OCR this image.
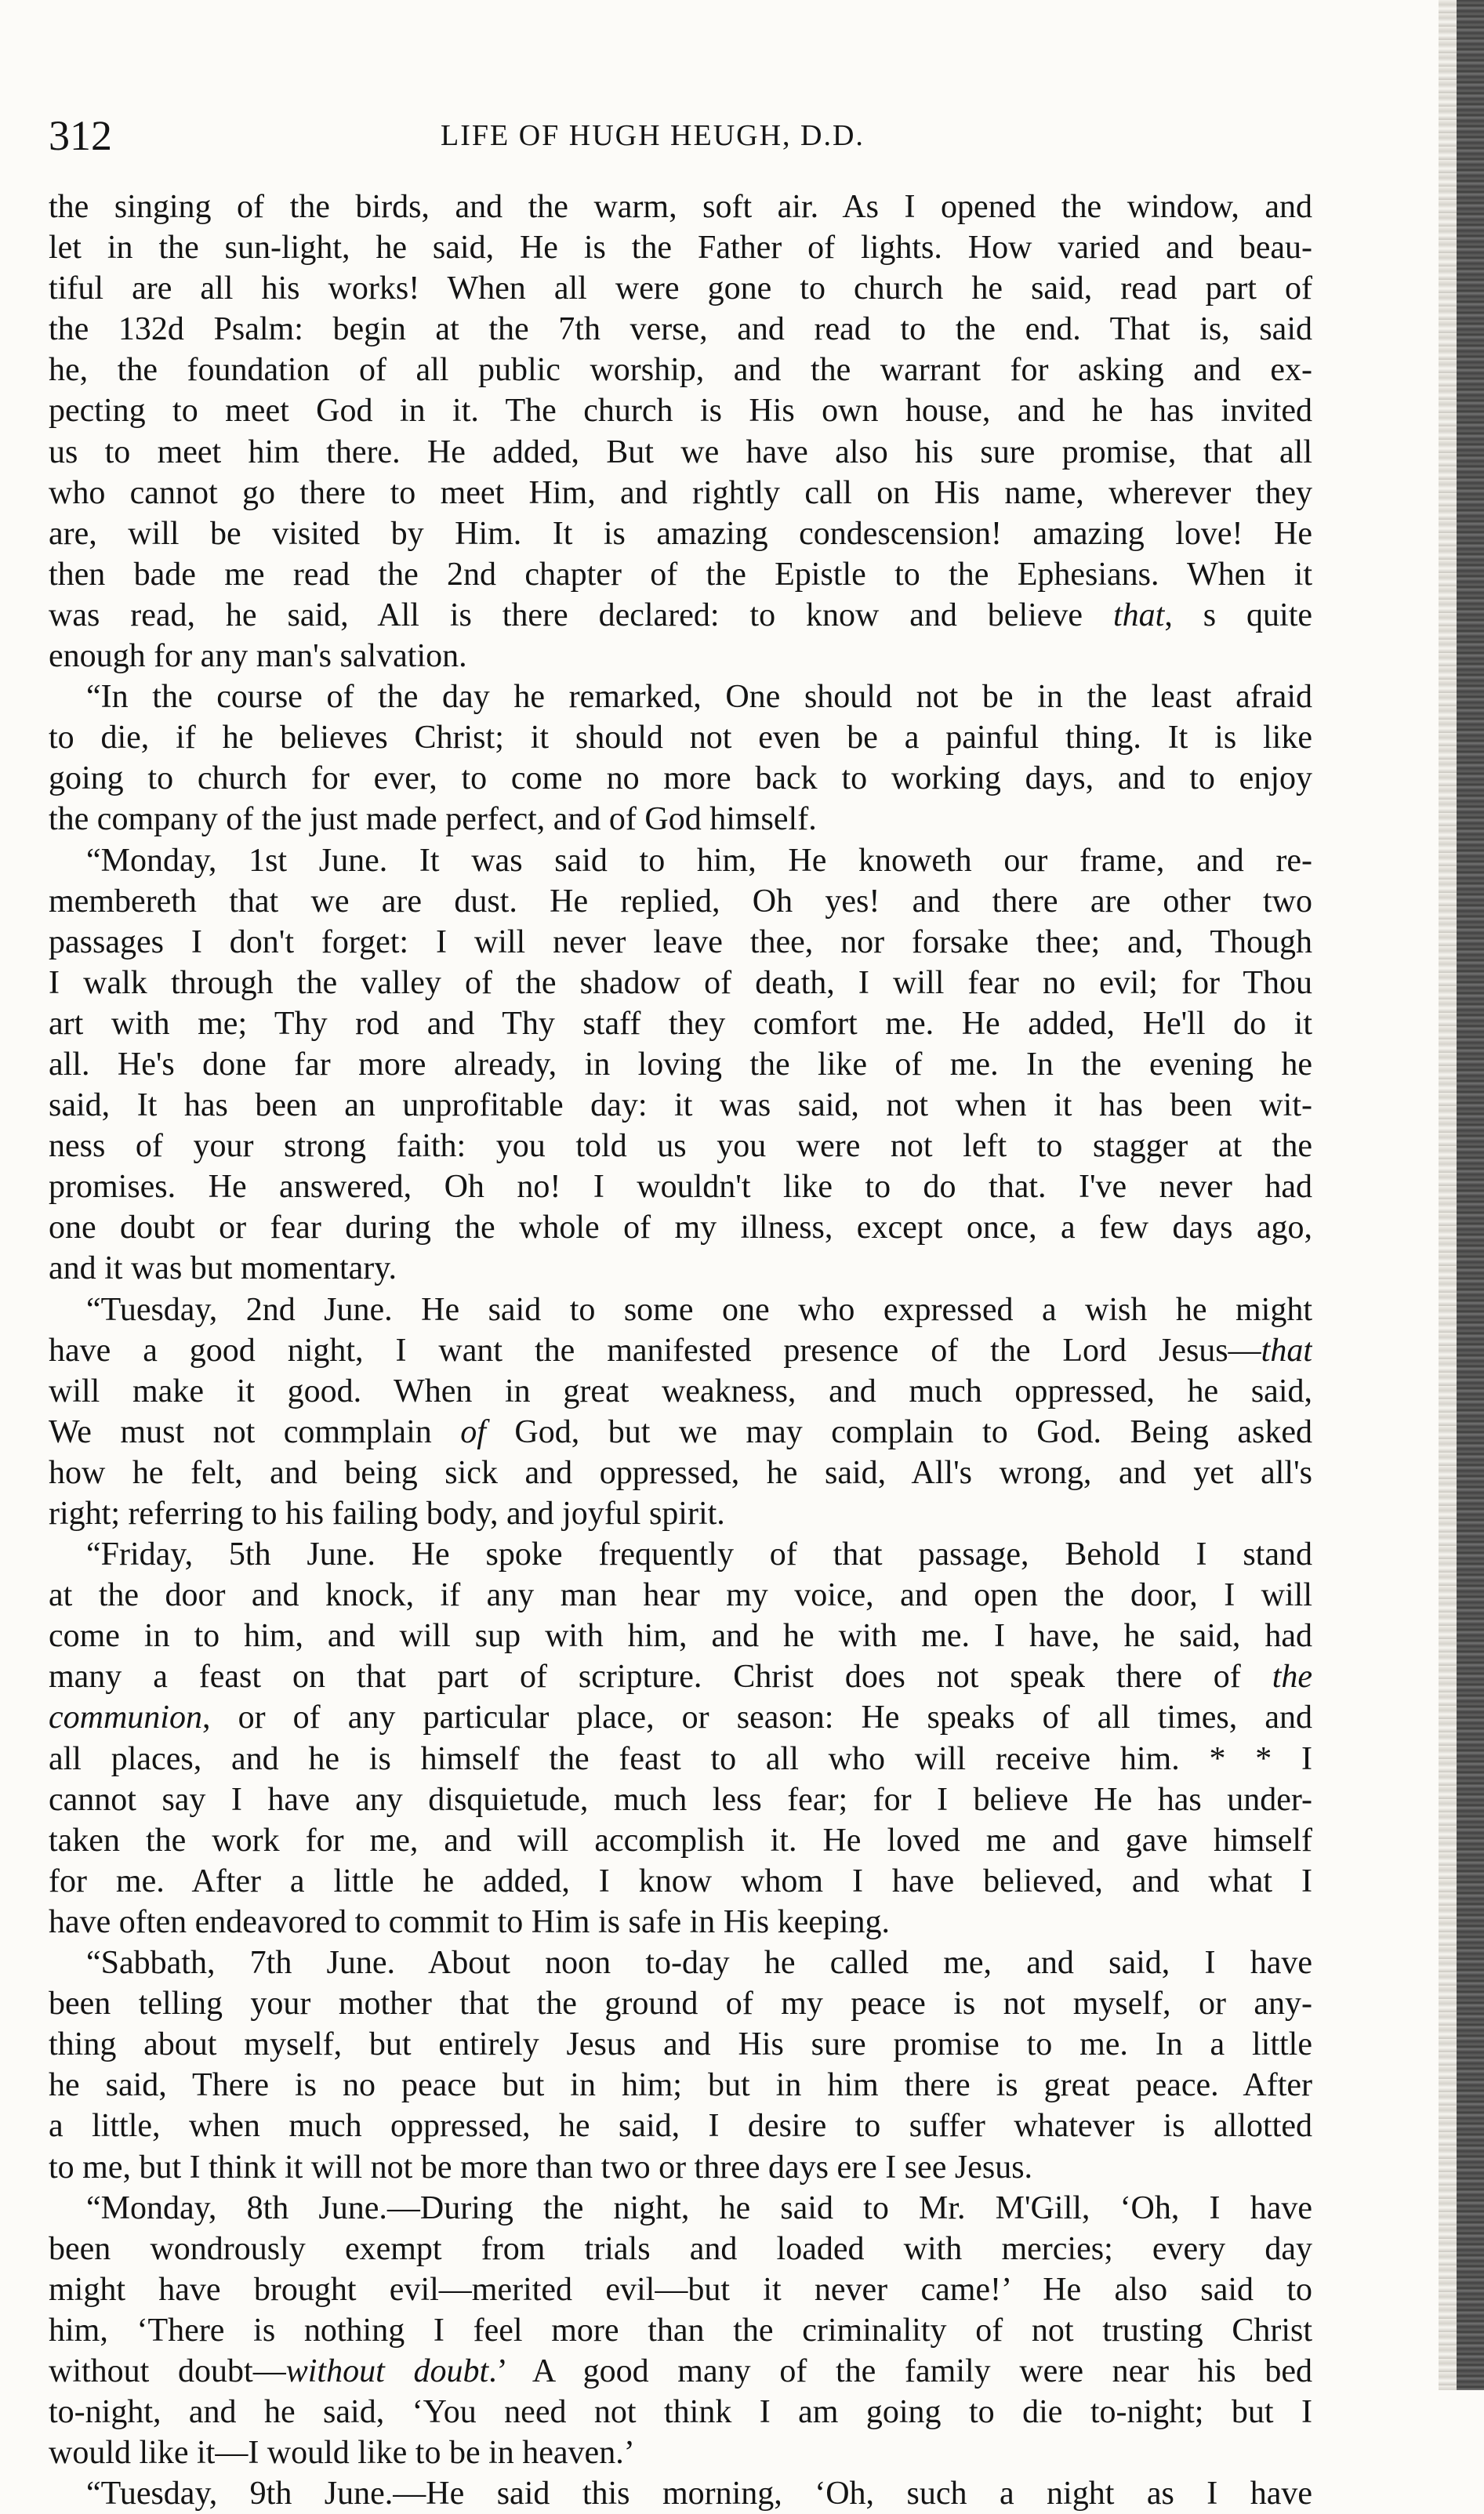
312	LIFE OF HUGH HEUGH, D.D.
the singing of the birds, and the warm, soft air. As I opened the window, and
let in the sun-light, he said, He is the Father of lights. How varied and beau-
tiful are all his works! When all were gone to church he said, read part of
the 132d Psalm: begin at the 7th verse, and read to the end. That is, said
he, the foundation of all public worship, and the warrant for asking and ex-
pecting to meet God in it. The church is His own house, and he has invited
us to meet him there. He added, But we have also his sure promise, that all
who cannot go there to meet Him, and rightly call on His name, wherever they
are, will be visited by Him. It is amazing condescension! amazing love! He
then bade me read the 2nd chapter of the Epistle to the Ephesians. When it
was read, he said, All is there declared: to know and believe that, s quite
enough for any man's salvation.
“In the course of the day he remarked, One should not be in the least afraid
to die, if he believes Christ; it should not even be a painful thing. It is like
going to church for ever, to come no more back to working days, and to enjoy
the company of the just made perfect, and of God himself.
“Monday, 1st June. It was said to him, He knoweth our frame, and re-
membereth that we are dust. He replied, Oh yes! and there are other two
passages I don't forget: I will never leave thee, nor forsake thee; and, Though
I walk through the valley of the shadow of death, I will fear no evil; for Thou
art with me; Thy rod and Thy staff they comfort me. He added, He'll do it
all. He's done far more already, in loving the like of me. In the evening he
said, It has been an unprofitable day: it was said, not when it has been wit-
ness of your strong faith: you told us you were not left to stagger at the
promises. He answered, Oh no! I wouldn't like to do that. I've never had
one doubt or fear during the whole of my illness, except once, a few days ago,
and it was but momentary.
“Tuesday, 2nd June. He said to some one who expressed a wish he might
have a good night, I want the manifested presence of the Lord Jesus—that
will make it good. When in great weakness, and much oppressed, he said,
We must not commplain of God, but we may complain to God. Being asked
how he felt, and being sick and oppressed, he said, All's wrong, and yet all's
right; referring to his failing body, and joyful spirit.
“Friday, 5th June. He spoke frequently of that passage, Behold I stand
at the door and knock, if any man hear my voice, and open the door, I will
come in to him, and will sup with him, and he with me. I have, he said, had
many a feast on that part of scripture. Christ does not speak there of the
communion, or of any particular place, or season: He speaks of all times, and
all places, and he is himself the feast to all who will receive him. * * I
cannot say I have any disquietude, much less fear; for I believe He has under-
taken the work for me, and will accomplish it. He loved me and gave himself
for me. After a little he added, I know whom I have believed, and what I
have often endeavored to commit to Him is safe in His keeping.
“Sabbath, 7th June. About noon to-day he called me, and said, I have
been telling your mother that the ground of my peace is not myself, or any-
thing about myself, but entirely Jesus and His sure promise to me. In a little
he said, There is no peace but in him; but in him there is great peace. After
a little, when much oppressed, he said, I desire to suffer whatever is allotted
to me, but I think it will not be more than two or three days ere I see Jesus.
“Monday, 8th June.—During the night, he said to Mr. M'Gill, ‘Oh, I have
been wondrously exempt from trials and loaded with mercies; every day
might have brought evil—merited evil—but it never came!’ He also said to
him, ‘There is nothing I feel more than the criminality of not trusting Christ
without doubt—without doubt.’ A good many of the family were near his bed
to-night, and he said, ‘You need not think I am going to die to-night; but I
would like it—I would like to be in heaven.’
“Tuesday, 9th June.—He said this morning, ‘Oh, such a night as I have
